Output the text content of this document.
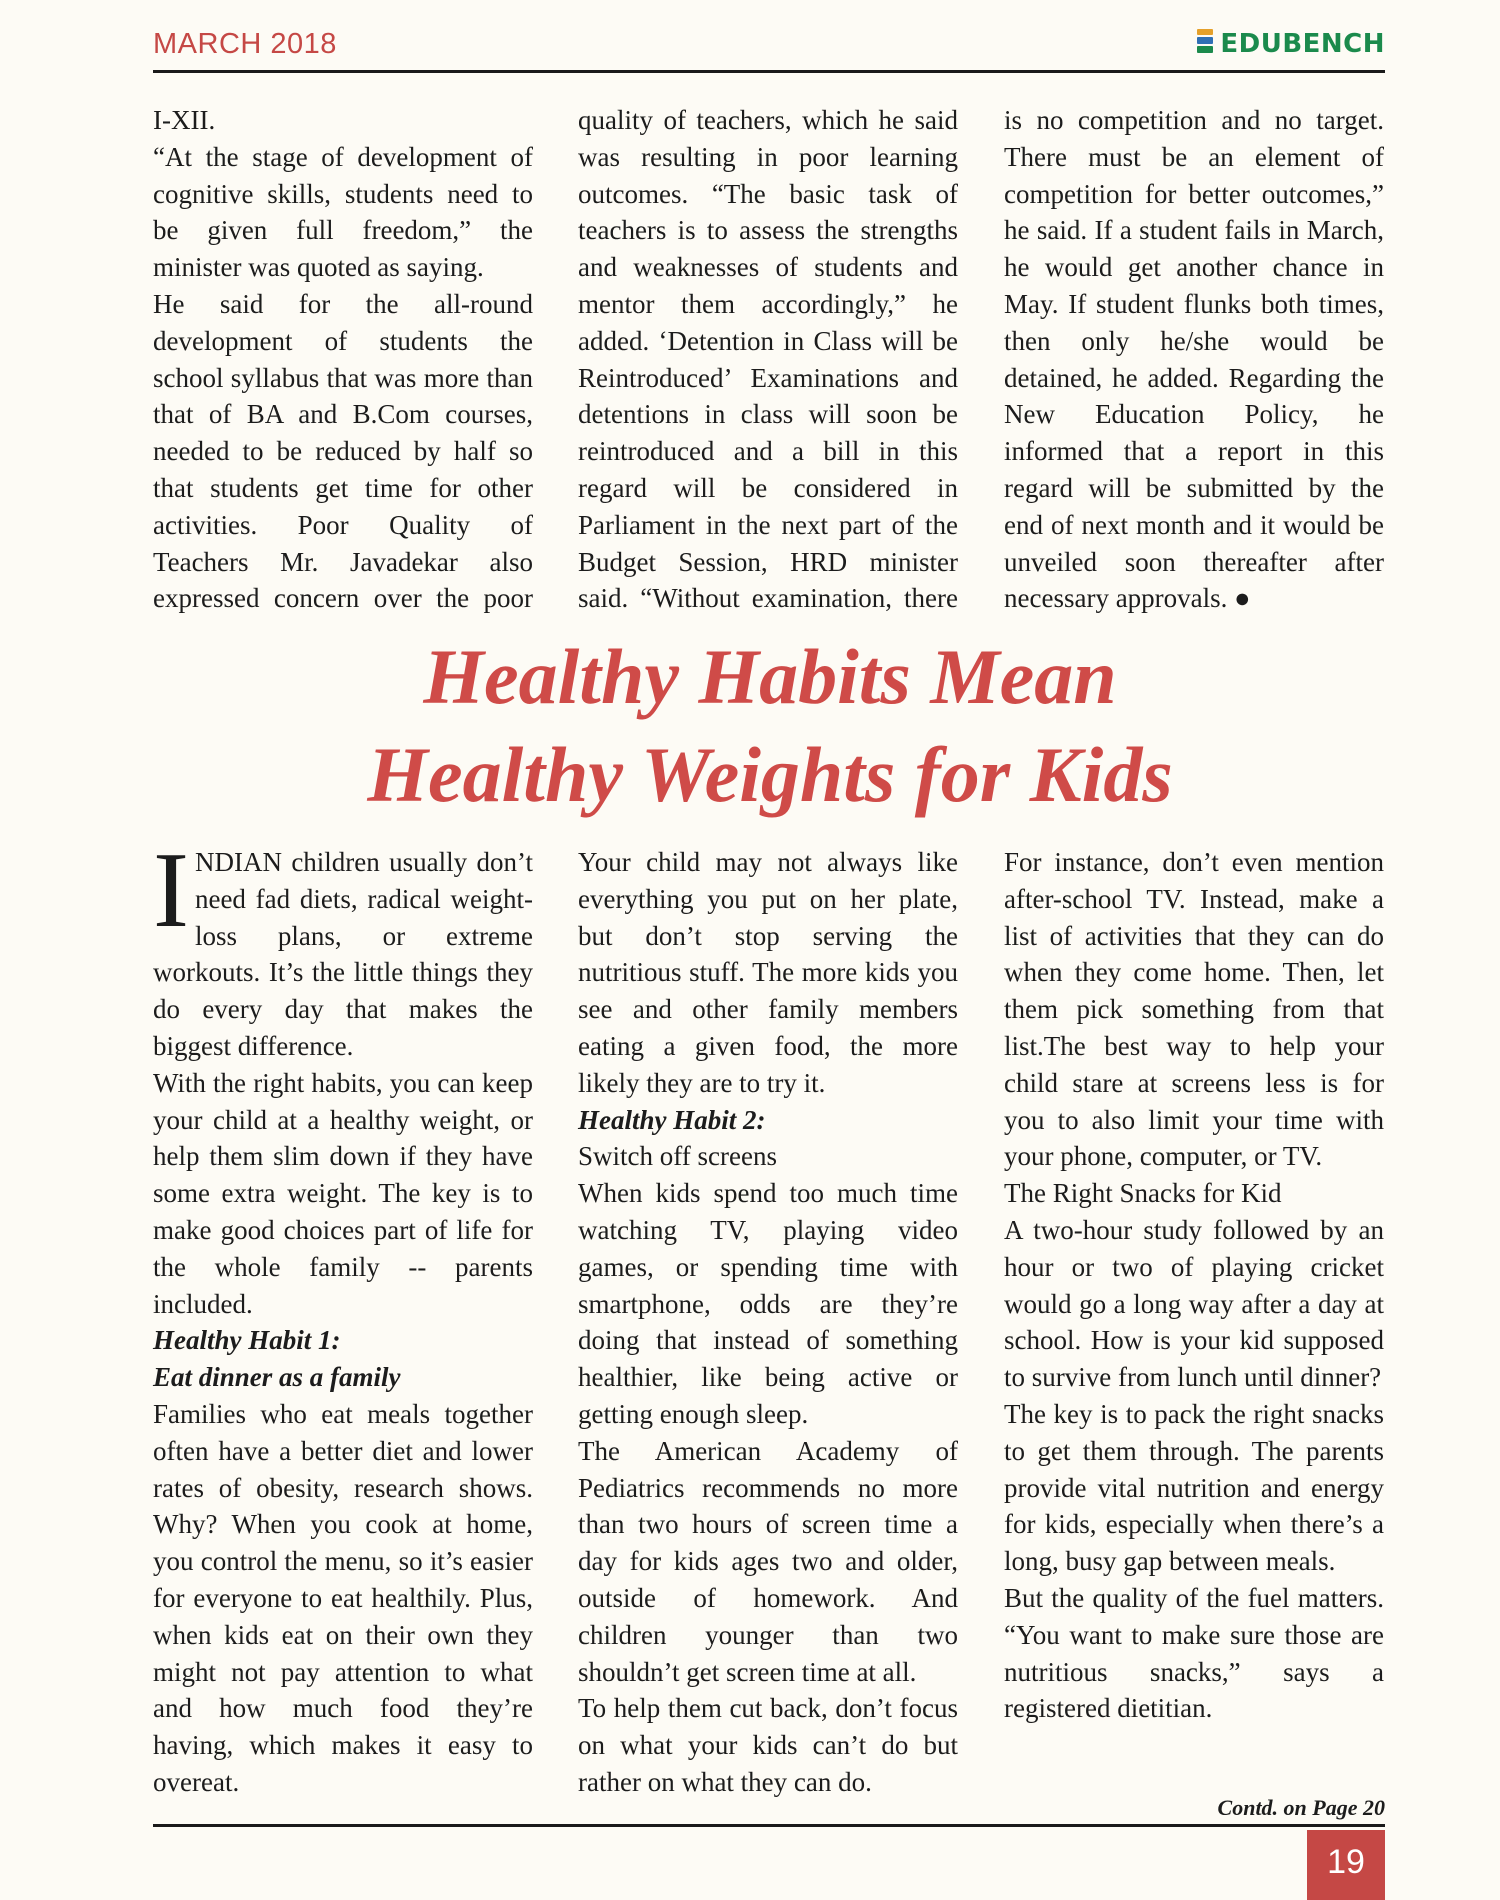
MARCH 2018	EDUBENCH

I-XII.

“At the stage of development of cognitive skills, students need to be given full freedom,” the minister was quoted as saying.

He said for the all-round development of students the school syllabus that was more than that of BA and B.Com courses, needed to be reduced by half so that students get time for other activities. Poor Quality of Teachers Mr. Javadekar also expressed concern over the poor

quality of teachers, which he said was resulting in poor learning outcomes. “The basic task of teachers is to assess the strengths and weaknesses of students and mentor them accordingly,” he added. ‘Detention in Class will be Reintroduced’ Examinations and detentions in class will soon be reintroduced and a bill in this regard will be considered in Parliament in the next part of the Budget Session, HRD minister said. “Without examination, there

is no competition and no target. There must be an element of competition for better outcomes,” he said. If a student fails in March, he would get another chance in May. If student flunks both times, then only he/she would be detained, he added. Regarding the New Education Policy, he informed that a report in this regard will be submitted by the end of next month and it would be unveiled soon thereafter after necessary approvals. ●

Healthy Habits Mean
Healthy Weights for Kids

INDIAN children usually don’t need fad diets, radical weight-loss plans, or extreme workouts. It’s the little things they do every day that makes the biggest difference.

With the right habits, you can keep your child at a healthy weight, or help them slim down if they have some extra weight. The key is to make good choices part of life for the whole family -- parents included.

Healthy Habit 1:

Eat dinner as a family

Families who eat meals together often have a better diet and lower rates of obesity, research shows. Why? When you cook at home, you control the menu, so it’s easier for everyone to eat healthily. Plus, when kids eat on their own they might not pay attention to what and how much food they’re having, which makes it easy to overeat.

Your child may not always like everything you put on her plate, but don’t stop serving the nutritious stuff. The more kids you see and other family members eating a given food, the more likely they are to try it.

Healthy Habit 2:

Switch off screens

When kids spend too much time watching TV, playing video games, or spending time with smartphone, odds are they’re doing that instead of something healthier, like being active or getting enough sleep.

The American Academy of Pediatrics recommends no more than two hours of screen time a day for kids ages two and older, outside of homework. And children younger than two shouldn’t get screen time at all.

To help them cut back, don’t focus on what your kids can’t do but rather on what they can do.

For instance, don’t even mention after-school TV. Instead, make a list of activities that they can do when they come home. Then, let them pick something from that list.The best way to help your child stare at screens less is for you to also limit your time with your phone, computer, or TV.

The Right Snacks for Kid

A two-hour study followed by an hour or two of playing cricket would go a long way after a day at school. How is your kid supposed to survive from lunch until dinner?

The key is to pack the right snacks to get them through. The parents provide vital nutrition and energy for kids, especially when there’s a long, busy gap between meals.

But the quality of the fuel matters. “You want to make sure those are nutritious snacks,” says a registered dietitian.

Contd. on Page 20
19
